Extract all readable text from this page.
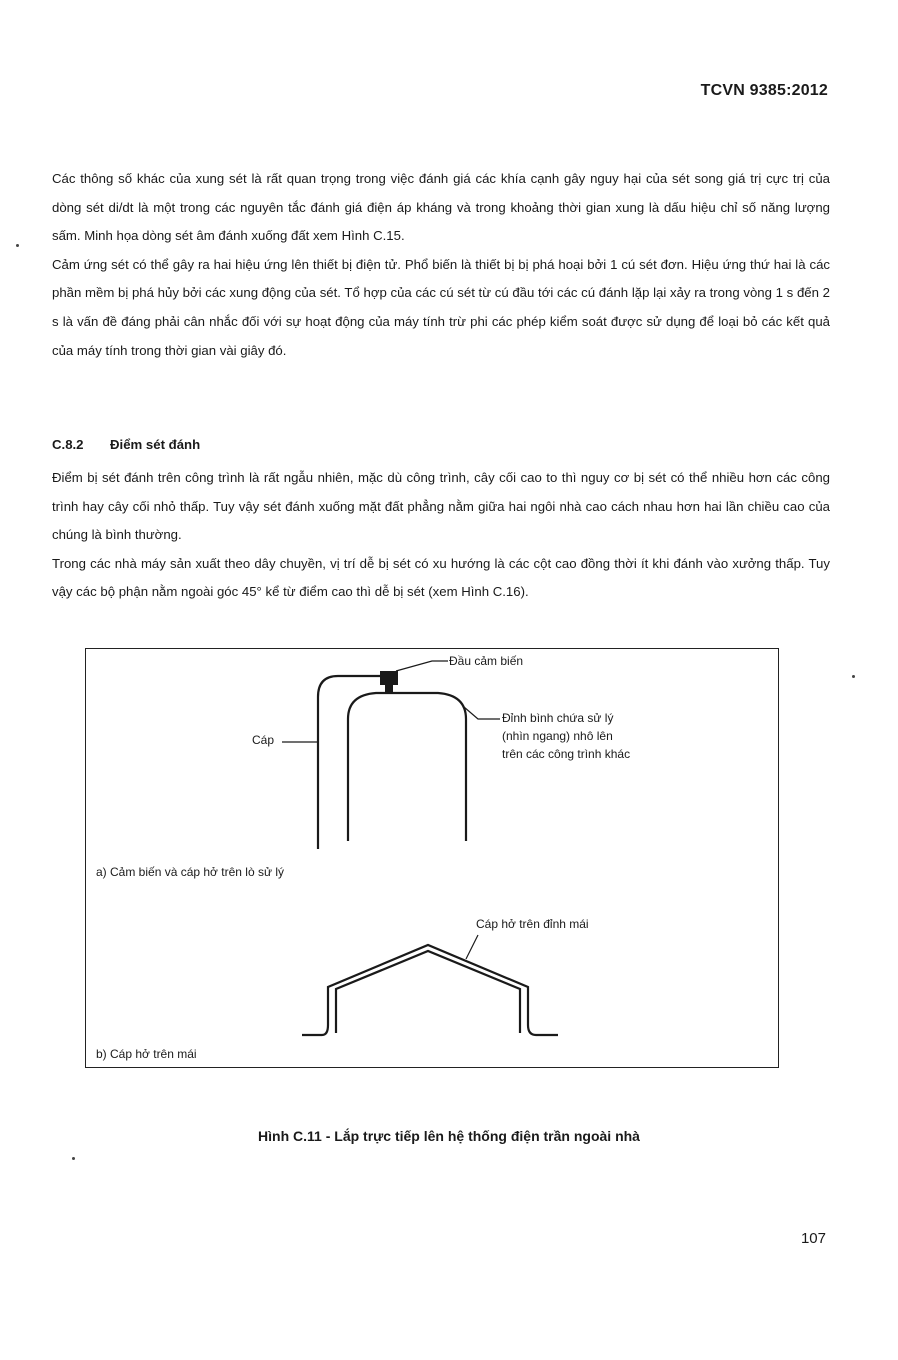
TCVN 9385:2012

Các thông số khác của xung sét là rất quan trọng trong việc đánh giá các khía cạnh gây nguy hại của sét song giá trị cực trị của dòng sét di/dt là một trong các nguyên tắc đánh giá điện áp kháng và trong khoảng thời gian xung là dấu hiệu chỉ số năng lượng sấm. Minh họa dòng sét âm đánh xuống đất xem Hình C.15.

Cảm ứng sét có thể gây ra hai hiệu ứng lên thiết bị điện tử. Phổ biến là thiết bị bị phá hoại bởi 1 cú sét đơn. Hiệu ứng thứ hai là các phần mềm bị phá hủy bởi các xung động của sét. Tổ hợp của các cú sét từ cú đầu tới các cú đánh lặp lại xảy ra trong vòng 1 s đến 2 s là vấn đề đáng phải cân nhắc đối với sự hoạt động của máy tính trừ phi các phép kiểm soát được sử dụng để loại bỏ các kết quả của máy tính trong thời gian vài giây đó.

C.8.2 Điểm sét đánh

Điểm bị sét đánh trên công trình là rất ngẫu nhiên, mặc dù công trình, cây cối cao to thì nguy cơ bị sét có thể nhiều hơn các công trình hay cây cối nhỏ thấp. Tuy vậy sét đánh xuống mặt đất phẳng nằm giữa hai ngôi nhà cao cách nhau hơn hai lần chiều cao của chúng là bình thường.

Trong các nhà máy sản xuất theo dây chuyền, vị trí dễ bị sét có xu hướng là các cột cao đồng thời ít khi đánh vào xưởng thấp. Tuy vậy các bộ phận nằm ngoài góc 45° kể từ điểm cao thì dễ bị sét (xem Hình C.16).

Đầu cảm biến
Cáp
Đỉnh bình chứa sử lý
(nhìn ngang) nhô lên
trên các công trình khác
a) Cảm biến và cáp hở trên lò sử lý
Cáp hở trên đỉnh mái
b) Cáp hở trên mái
Hình C.11 - Lắp trực tiếp lên hệ thống điện trần ngoài nhà
107
